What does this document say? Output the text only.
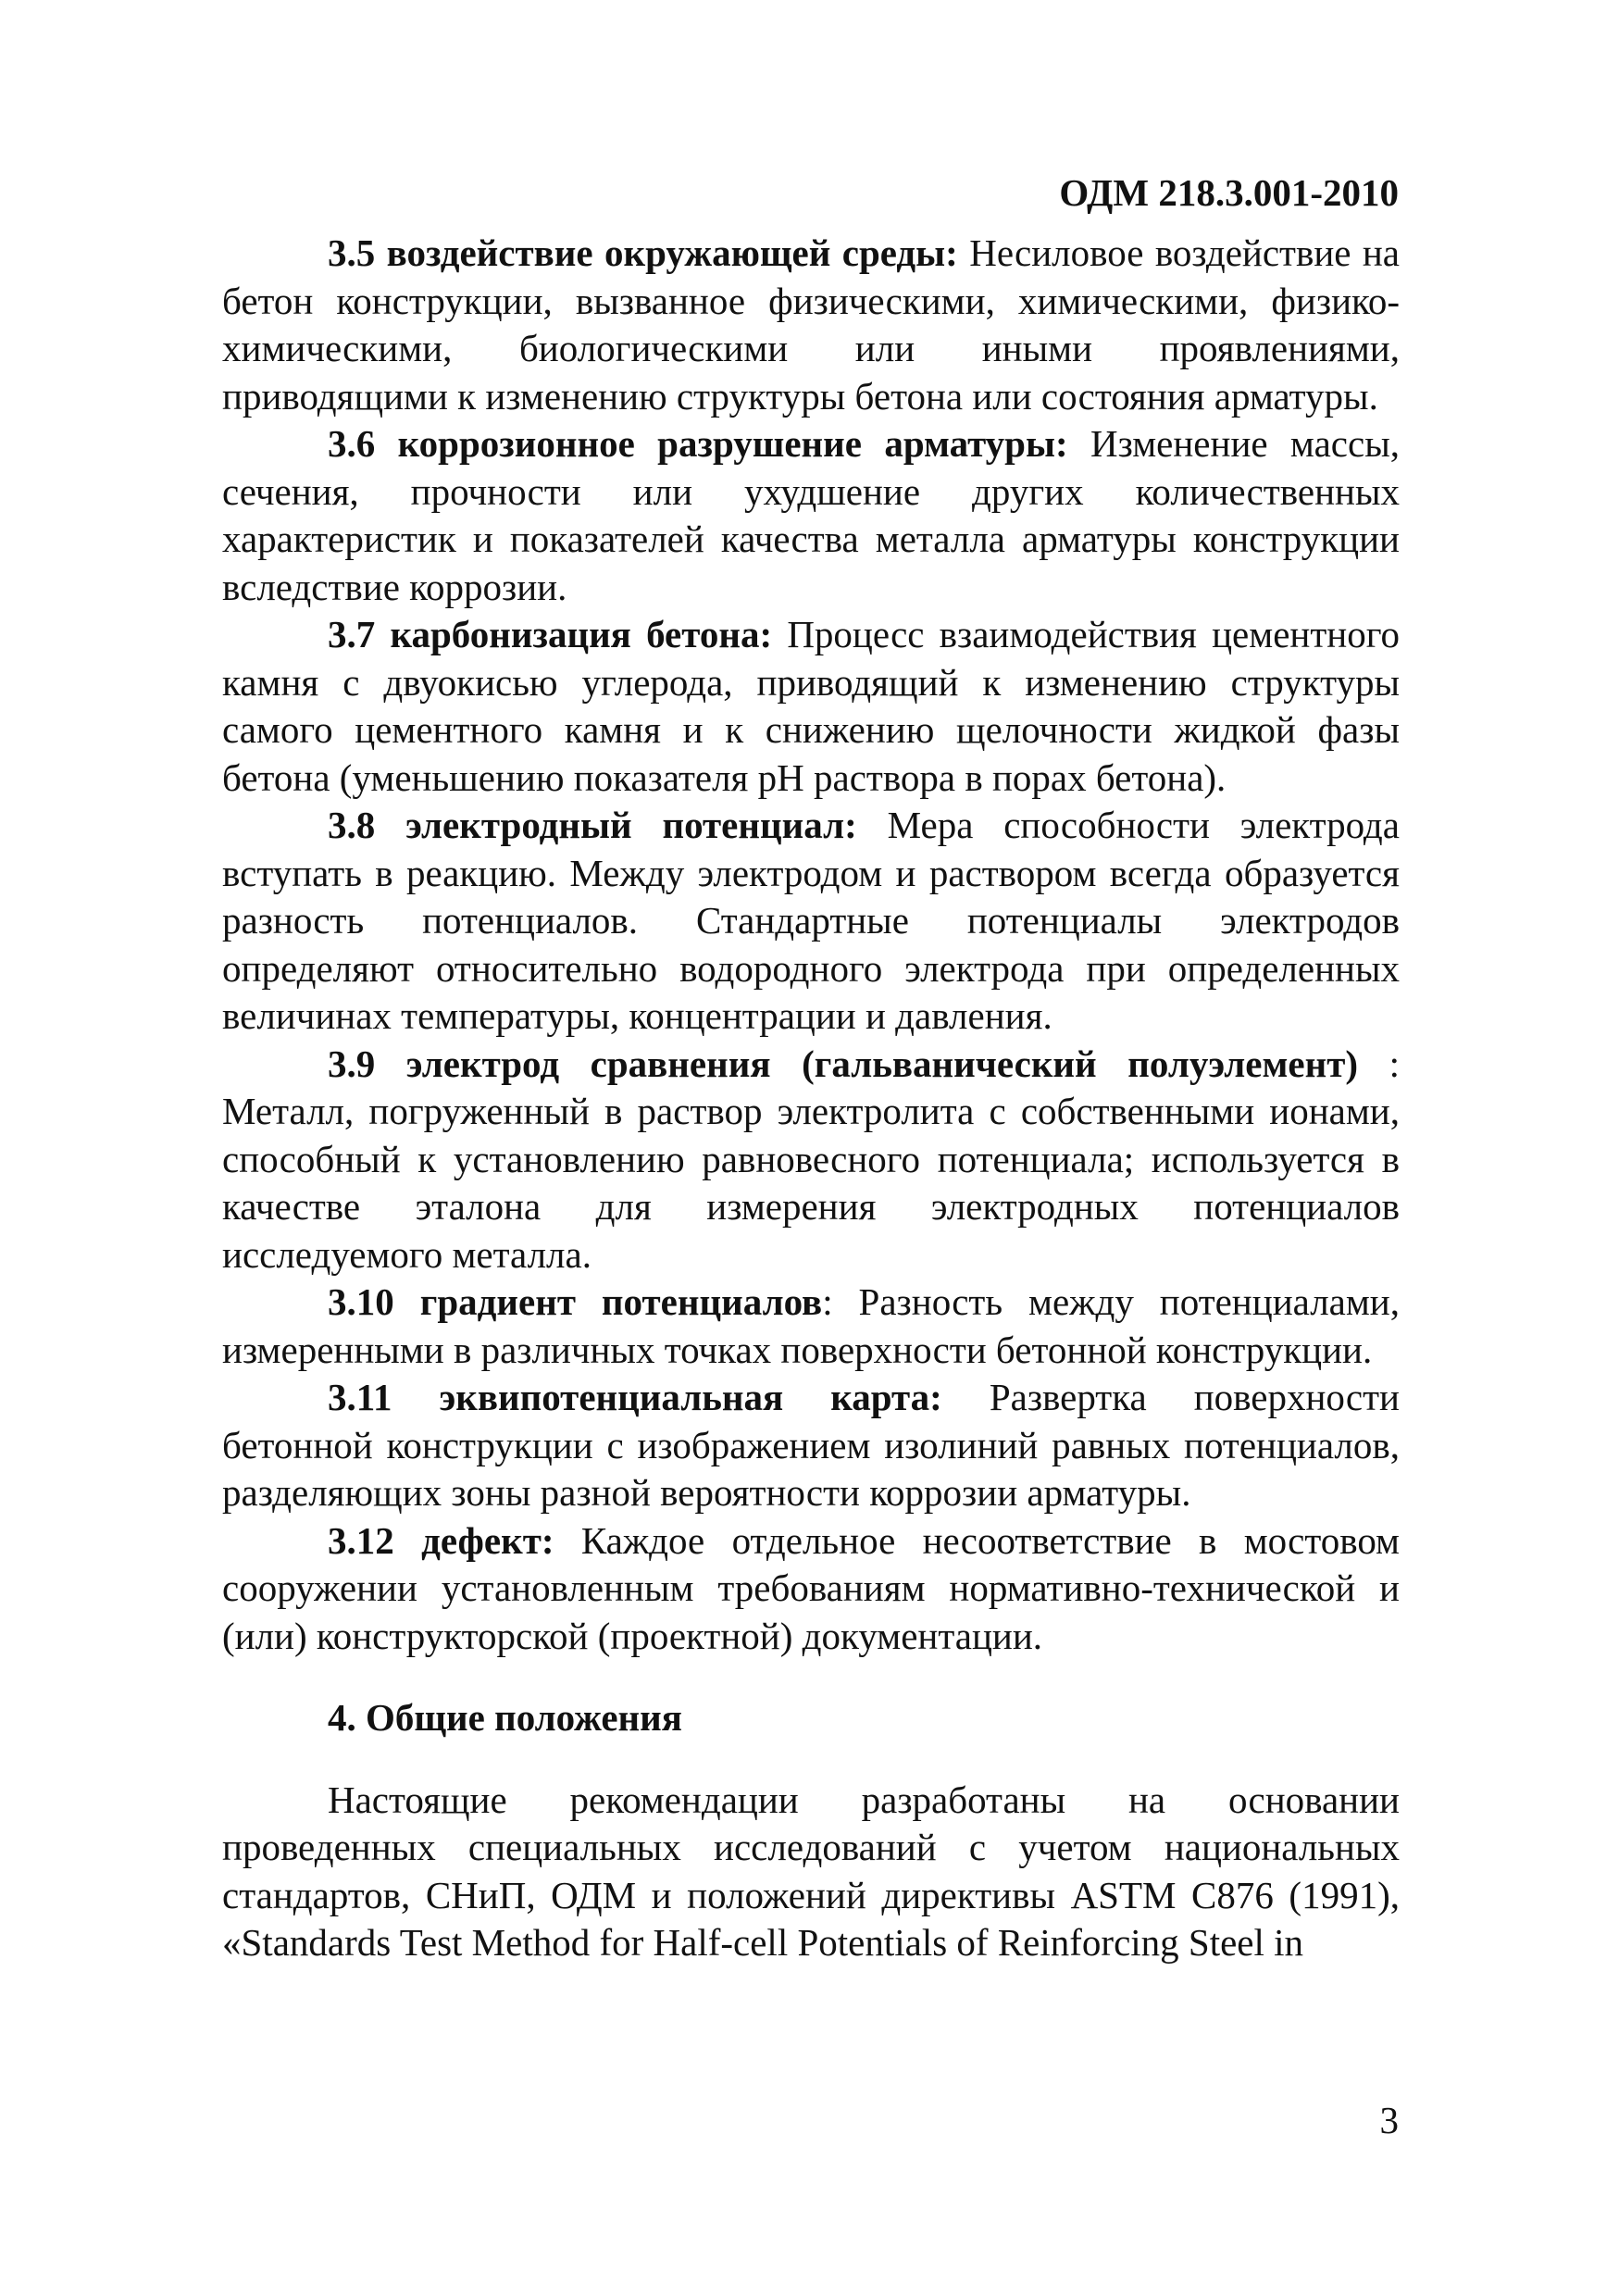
ОДМ 218.3.001-2010

3.5 воздействие окружающей среды: Несиловое воздействие на бетон конструкции, вызванное физическими, химическими, физико-химическими, биологическими или иными проявлениями, приводящими к изменению структуры бетона или состояния арматуры.

3.6 коррозионное разрушение арматуры: Изменение массы, сечения, прочности или ухудшение других количественных характеристик и показателей качества металла арматуры конструкции вследствие коррозии.

3.7 карбонизация бетона: Процесс взаимодействия цементного камня с двуокисью углерода, приводящий к изменению структуры самого цементного камня и к снижению щелочности жидкой фазы бетона (уменьшению показателя pH раствора в порах бетона).

3.8 электродный потенциал: Мера способности электрода вступать в реакцию. Между электродом и раствором всегда образуется разность потенциалов. Стандартные потенциалы электродов определяют относительно водородного электрода при определенных величинах температуры, концентрации и давления.

3.9 электрод сравнения (гальванический полуэлемент) : Металл, погруженный в раствор электролита с собственными ионами, способный к установлению равновесного потенциала; используется в качестве эталона для измерения электродных потенциалов исследуемого металла.

3.10 градиент потенциалов: Разность между потенциалами, измеренными в различных точках поверхности бетонной конструкции.

3.11 эквипотенциальная карта: Развертка поверхности бетонной конструкции с изображением изолиний равных потенциалов, разделяющих зоны разной вероятности коррозии арматуры.

3.12 дефект: Каждое отдельное несоответствие в мостовом сооружении установленным требованиям нормативно-технической и (или) конструкторской (проектной) документации.

4. Общие положения

Настоящие рекомендации разработаны на основании проведенных специальных исследований с учетом национальных стандартов, СНиП, ОДМ и положений директивы ASTM C876 (1991), «Standards Test Method for Half-cell Potentials of Reinforcing Steel in

3
